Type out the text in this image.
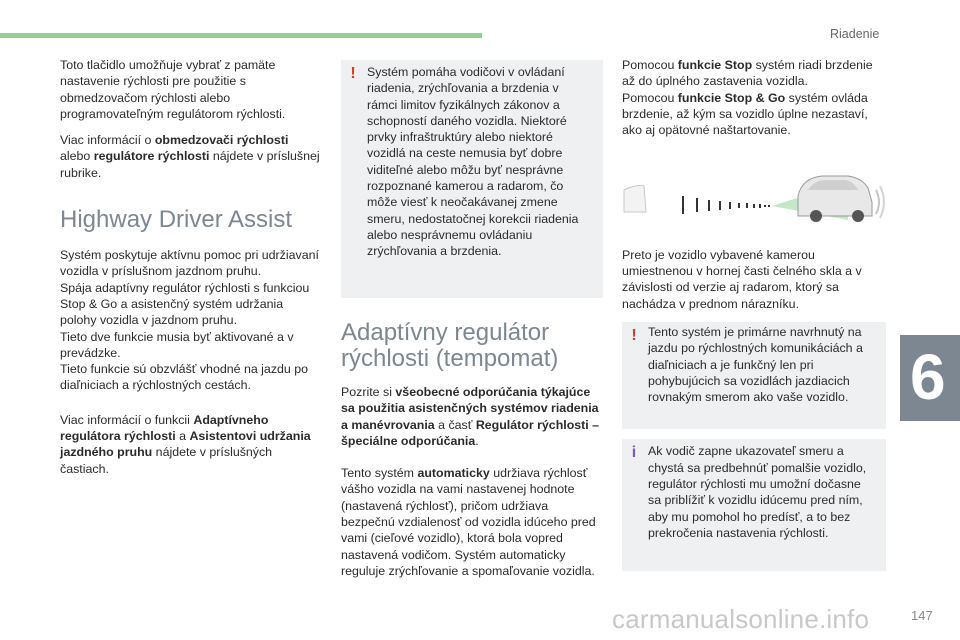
Riadenie
6
carmanualsonline.info	147

Toto tlačidlo umožňuje vybrať z pamäte nastavenie rýchlosti pre použitie s obmedzovačom rýchlosti alebo programovateľným regulátorom rýchlosti.

Viac informácií o obmedzovači rýchlosti alebo regulátore rýchlosti nájdete v príslušnej rubrike.

Highway Driver Assist

Systém poskytuje aktívnu pomoc pri udržiavaní vozidla v príslušnom jazdnom pruhu.
Spája adaptívny regulátor rýchlosti s funkciou Stop & Go a asistenčný systém udržania polohy vozidla v jazdnom pruhu.
Tieto dve funkcie musia byť aktivované a v prevádzke.
Tieto funkcie sú obzvlášť vhodné na jazdu po diaľniciach a rýchlostných cestách.

Viac informácií o funkcii Adaptívneho regulátora rýchlosti a Asistentovi udržania jazdného pruhu nájdete v príslušných častiach.

! Systém pomáha vodičovi v ovládaní riadenia, zrýchľovania a brzdenia v rámci limitov fyzikálnych zákonov a schopností daného vozidla. Niektoré prvky infraštruktúry alebo niektoré vozidlá na ceste nemusia byť dobre viditeľné alebo môžu byť nesprávne rozpoznané kamerou a radarom, čo môže viesť k neočakávanej zmene smeru, nedostatočnej korekcii riadenia alebo nesprávnemu ovládaniu zrýchľovania a brzdenia.

Adaptívny regulátor rýchlosti (tempomat)

Pozrite si všeobecné odporúčania týkajúce sa použitia asistenčných systémov riadenia a manévrovania a časť Regulátor rýchlosti – špeciálne odporúčania.

Tento systém automaticky udržiava rýchlosť vášho vozidla na vami nastavenej hodnote (nastavená rýchlosť), pričom udržiava bezpečnú vzdialenosť od vozidla idúceho pred vami (cieľové vozidlo), ktorá bola vopred nastavená vodičom. Systém automaticky reguluje zrýchľovanie a spomaľovanie vozidla.

Pomocou funkcie Stop systém riadi brzdenie až do úplného zastavenia vozidla.
Pomocou funkcie Stop & Go systém ovláda brzdenie, až kým sa vozidlo úplne nezastaví, ako aj opätovné naštartovanie.

Preto je vozidlo vybavené kamerou umiestnenou v hornej časti čelného skla a v závislosti od verzie aj radarom, ktorý sa nachádza v prednom nárazníku.

! Tento systém je primárne navrhnutý na jazdu po rýchlostných komunikáciách a diaľniciach a je funkčný len pri pohybujúcich sa vozidlách jazdiacich rovnakým smerom ako vaše vozidlo.

i Ak vodič zapne ukazovateľ smeru a chystá sa predbehnúť pomalšie vozidlo, regulátor rýchlosti mu umožní dočasne sa priblížiť k vozidlu idúcemu pred ním, aby mu pomohol ho predísť, a to bez prekročenia nastavenia rýchlosti.
